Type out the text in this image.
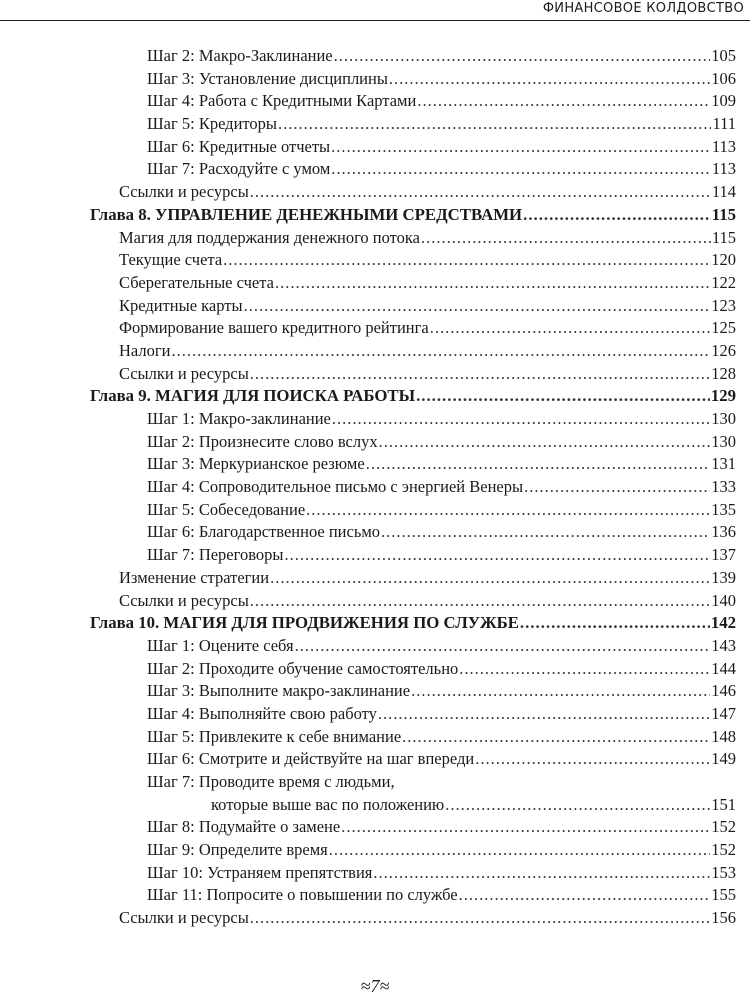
ФИНАНСОВОЕ КОЛДОВСТВО
Шаг 2: Макро-Заклинание .....	105
Шаг 3: Установление дисциплины .....	106
Шаг 4: Работа с Кредитными Картами .....	109
Шаг 5: Кредиторы .....	111
Шаг 6: Кредитные отчеты .....	113
Шаг 7: Расходуйте с умом .....	113
Ссылки и ресурсы .....	114
Глава 8. УПРАВЛЕНИЕ ДЕНЕЖНЫМИ СРЕДСТВАМИ .....	115
Магия для поддержания денежного потока .....	115
Текущие счета .....	120
Сберегательные счета .....	122
Кредитные карты .....	123
Формирование вашего кредитного рейтинга .....	125
Налоги .....	126
Ссылки и ресурсы .....	128
Глава 9. МАГИЯ ДЛЯ ПОИСКА РАБОТЫ .....	129
Шаг 1: Макро-заклинание .....	130
Шаг 2: Произнесите слово вслух .....	130
Шаг 3: Меркурианское резюме .....	131
Шаг 4: Сопроводительное письмо с энергией Венеры .....	133
Шаг 5: Собеседование .....	135
Шаг 6: Благодарственное письмо .....	136
Шаг 7: Переговоры .....	137
Изменение стратегии .....	139
Ссылки и ресурсы .....	140
Глава 10. МАГИЯ ДЛЯ ПРОДВИЖЕНИЯ ПО СЛУЖБЕ .....	142
Шаг 1: Оцените себя .....	143
Шаг 2: Проходите обучение самостоятельно .....	144
Шаг 3: Выполните макро-заклинание .....	146
Шаг 4: Выполняйте свою работу .....	147
Шаг 5: Привлеките к себе внимание .....	148
Шаг 6: Смотрите и действуйте на шаг впереди .....	149
Шаг 7: Проводите время с людьми,
которые выше вас по положению .....	151
Шаг 8: Подумайте о замене .....	152
Шаг 9: Определите время .....	152
Шаг 10: Устраняем препятствия .....	153
Шаг 11: Попросите о повышении по службе .....	155
Ссылки и ресурсы .....	156
≈7≈
